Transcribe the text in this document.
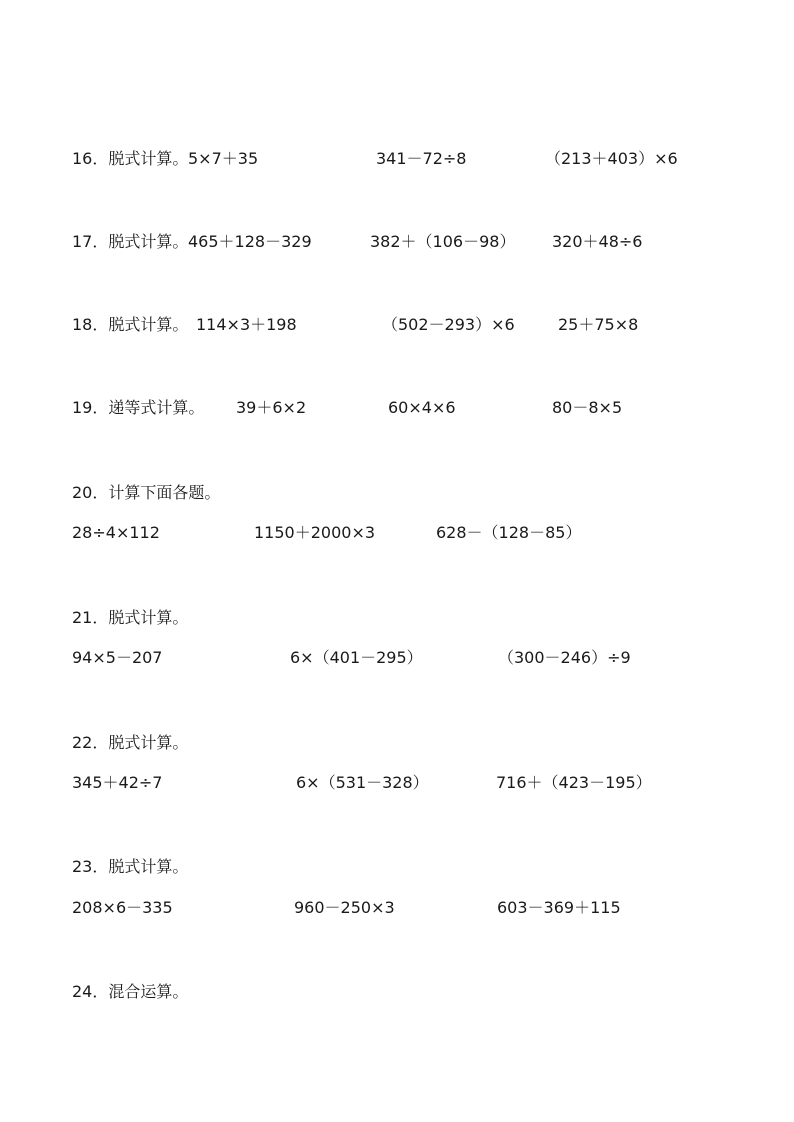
16．脱式计算。 5×7＋35	341－72÷8	（213＋403）×6
17．脱式计算。 465＋128－329	382＋（106－98） 320＋48÷6
18．脱式计算。 114×3＋198	（502－293）×6	25＋75×8
19．递等式计算。 39＋6×2	60×4×6	80－8×5
20．计算下面各题。
28÷4×112	1150＋2000×3	628－（128－85）
21．脱式计算。
94×5－207	6×（401－295）	（300－246）÷9
22．脱式计算。
345＋42÷7	6×（531－328）	716＋（423－195）
23．脱式计算。
208×6－335	960－250×3	603－369＋115
24．混合运算。
